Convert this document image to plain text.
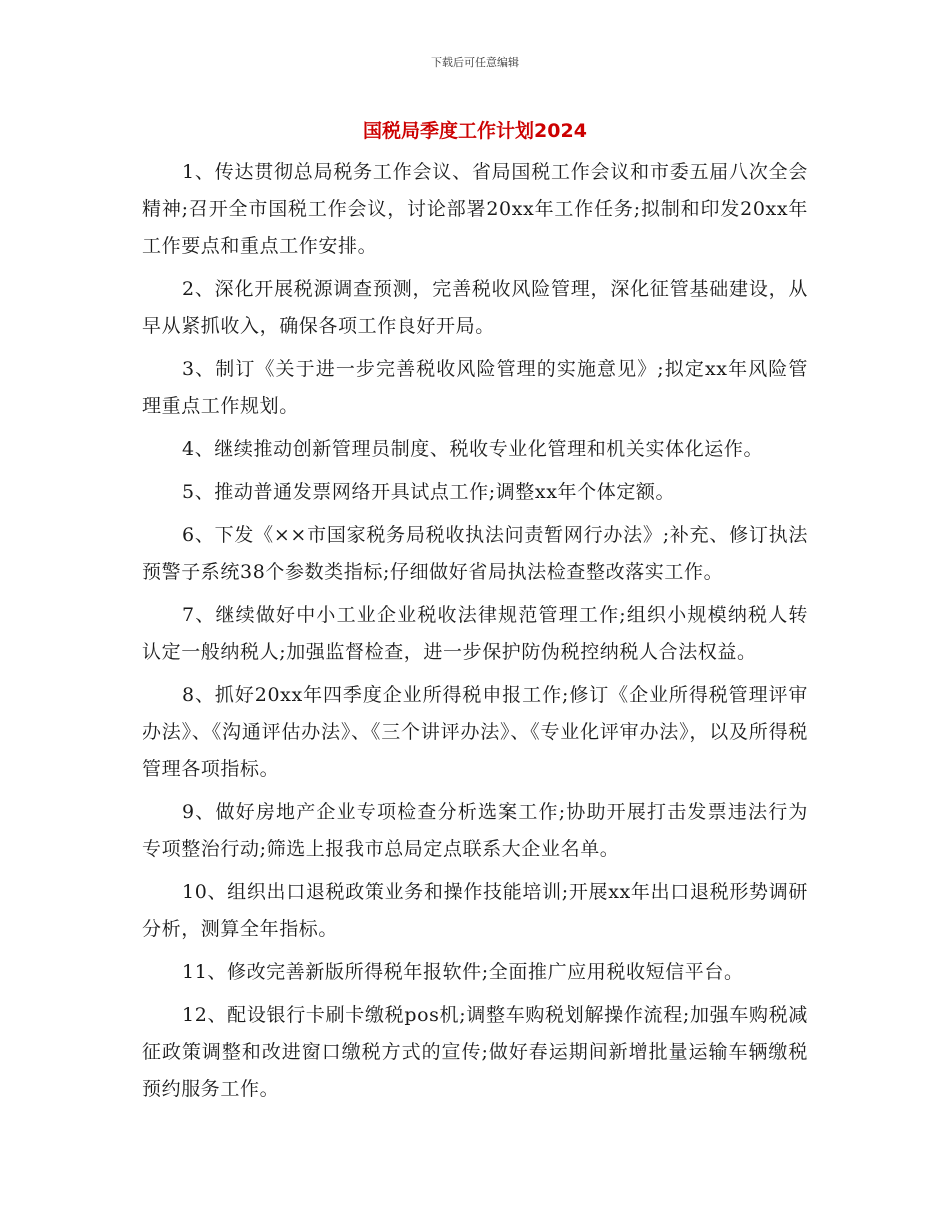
下载后可任意编辑
国税局季度工作计划2024

1、传达贯彻总局税务工作会议、省局国税工作会议和市委五届八次全会精神;召开全市国税工作会议，讨论部署20xx年工作任务;拟制和印发20xx年工作要点和重点工作安排。

2、深化开展税源调查预测，完善税收风险管理，深化征管基础建设，从早从紧抓收入，确保各项工作良好开局。

3、制订《关于进一步完善税收风险管理的实施意见》;拟定xx年风险管理重点工作规划。

4、继续推动创新管理员制度、税收专业化管理和机关实体化运作。

5、推动普通发票网络开具试点工作;调整xx年个体定额。

6、下发《××市国家税务局税收执法问责暂网行办法》;补充、修订执法预警子系统38个参数类指标;仔细做好省局执法检查整改落实工作。

7、继续做好中小工业企业税收法律规范管理工作;组织小规模纳税人转认定一般纳税人;加强监督检查，进一步保护防伪税控纳税人合法权益。

8、抓好20xx年四季度企业所得税申报工作;修订《企业所得税管理评审办法》、《沟通评估办法》、《三个讲评办法》、《专业化评审办法》，以及所得税管理各项指标。

9、做好房地产企业专项检查分析选案工作;协助开展打击发票违法行为专项整治行动;筛选上报我市总局定点联系大企业名单。

10、组织出口退税政策业务和操作技能培训;开展xx年出口退税形势调研分析，测算全年指标。

11、修改完善新版所得税年报软件;全面推广应用税收短信平台。

12、配设银行卡刷卡缴税pos机;调整车购税划解操作流程;加强车购税减征政策调整和改进窗口缴税方式的宣传;做好春运期间新增批量运输车辆缴税预约服务工作。
